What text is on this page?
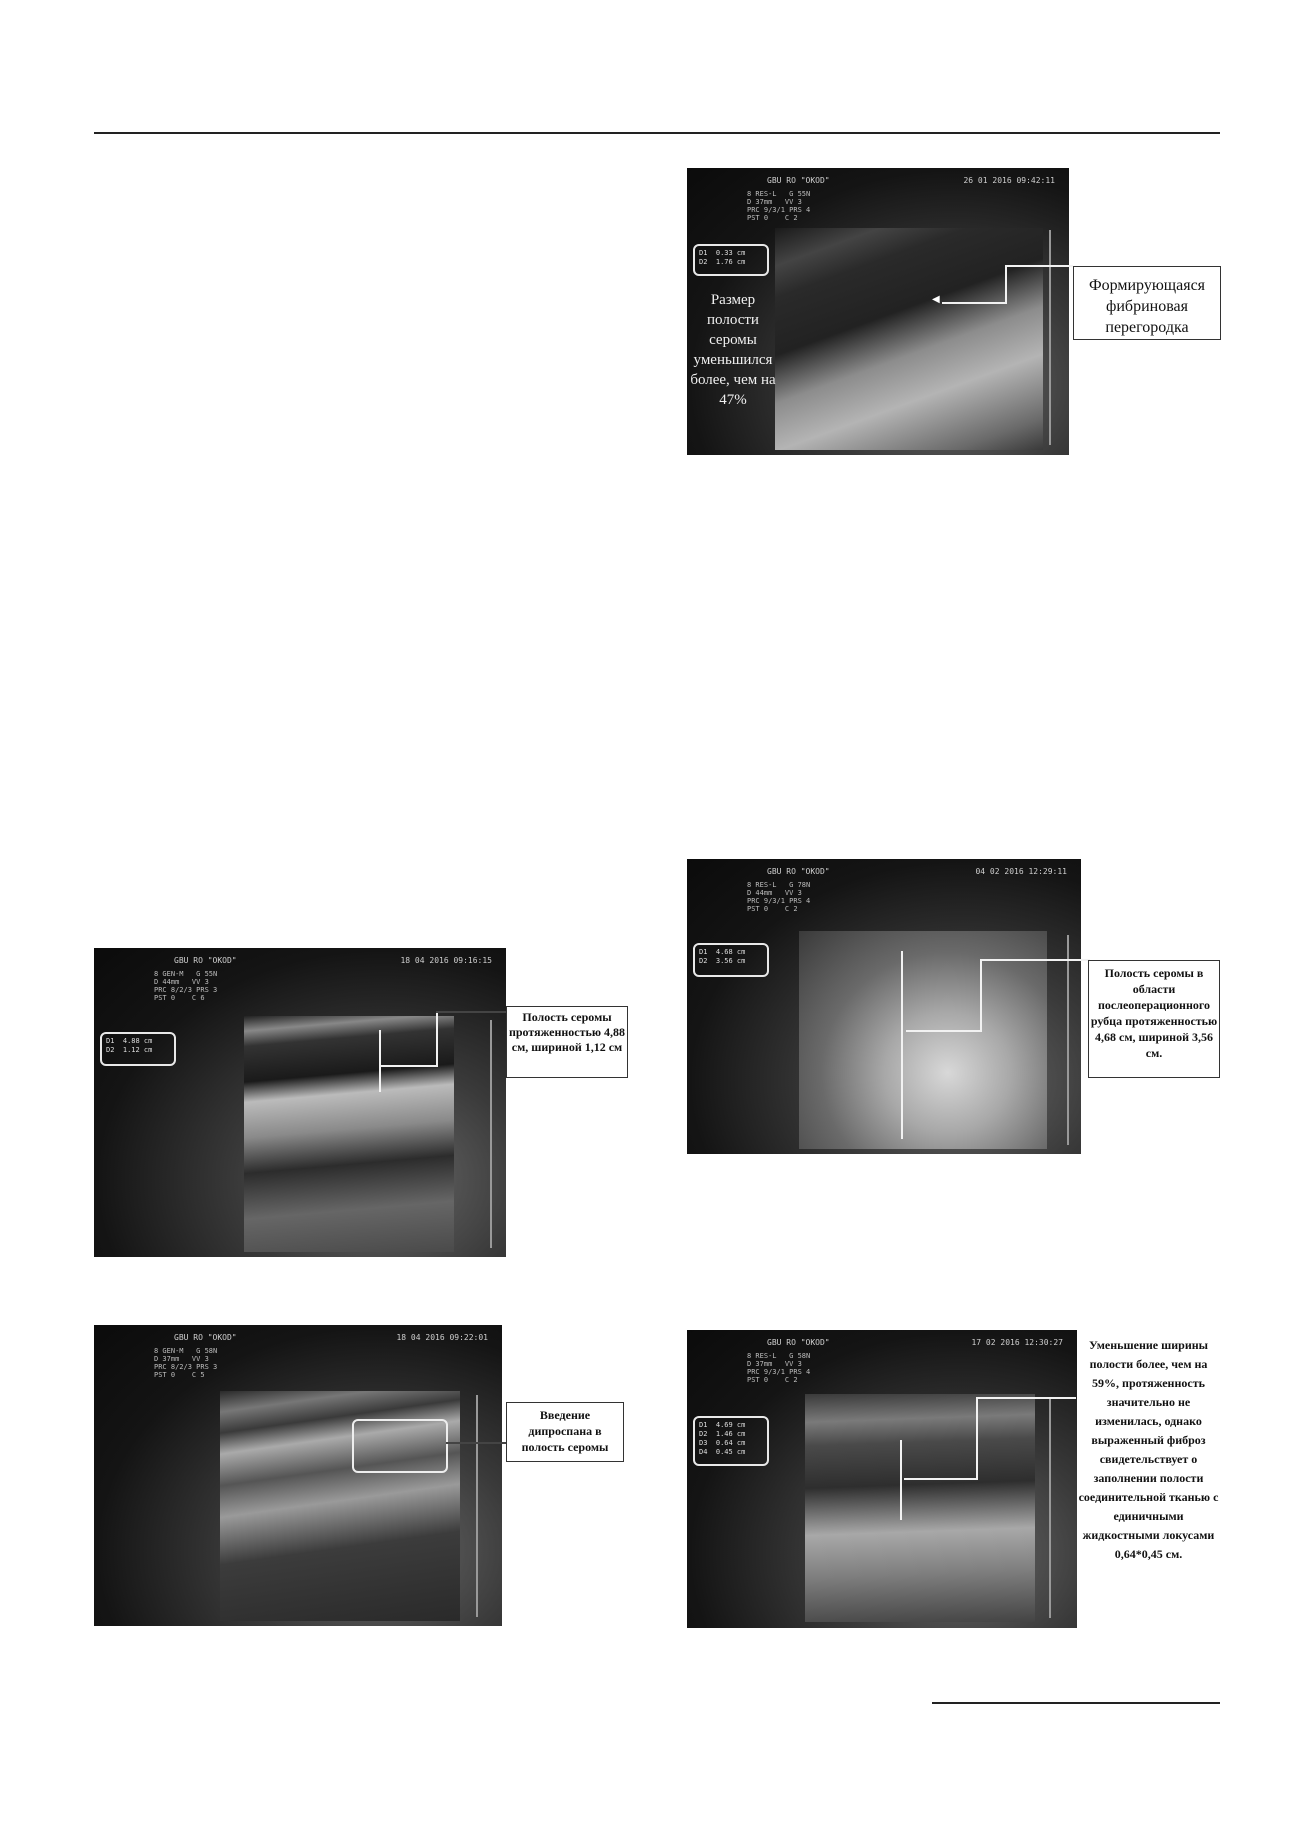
GBU RO "OKOD"	26 01 2016 09:42:11
8 RES-L   G 55N
D 37mm   VV 3
PRC 9/3/1 PRS 4
PST 0    C 2
D1  0.33 cm
D2  1.76 cm
Размер полости серомы уменьшился более, чем на 47%
◀
Формирующаяся фибриновая перегородка
GBU RO "OKOD"	18 04 2016 09:16:15
8 GEN-M   G 55N
D 44mm   VV 3
PRC 8/2/3 PRS 3
PST 0    C 6
D1  4.88 cm
D2  1.12 cm
Полость серомы протяженностью 4,88 см, шириной 1,12 см
GBU RO "OKOD"	04 02 2016 12:29:11
8 RES-L   G 78N
D 44mm   VV 3
PRC 9/3/1 PRS 4
PST 0    C 2
D1  4.68 cm
D2  3.56 cm
Полость серомы в области послеоперационного рубца протяженностью 4,68 см, шириной 3,56 см.
GBU RO "OKOD"	18 04 2016 09:22:01
8 GEN-M   G 58N
D 37mm   VV 3
PRC 8/2/3 PRS 3
PST 0    C 5
Введение дипроспана в полость серомы
GBU RO "OKOD"	17 02 2016 12:30:27
8 RES-L   G 58N
D 37mm   VV 3
PRC 9/3/1 PRS 4
PST 0    C 2
D1  4.69 cm
D2  1.46 cm
D3  0.64 cm
D4  0.45 cm
Уменьшение ширины полости более, чем на 59%, протяженность значительно не изменилась, однако выраженный фиброз свидетельствует о заполнении полости соединительной тканью с единичными жидкостными локусами 0,64*0,45 см.
